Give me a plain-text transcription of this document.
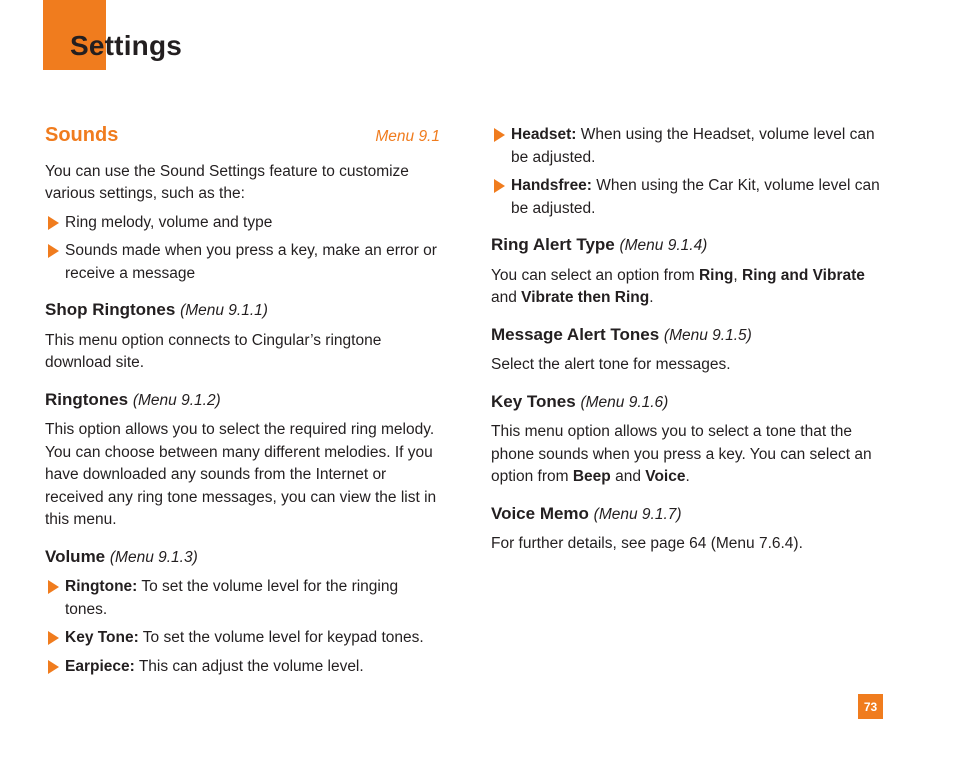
Settings
Sounds	Menu 9.1

You can use the Sound Settings feature to customize various settings, such as the:

Ring melody, volume and type
Sounds made when you press a key, make an error or receive a message
Shop Ringtones (Menu 9.1.1)

This menu option connects to Cingular’s ringtone download site.

Ringtones (Menu 9.1.2)

This option allows you to select the required ring melody. You can choose between many different melodies. If you have downloaded any sounds from the Internet or received any ring tone messages, you can view the list in this menu.

Volume (Menu 9.1.3)
Ringtone: To set the volume level for the ringing tones.
Key Tone: To set the volume level for keypad tones.
Earpiece: This can adjust the volume level.
Headset: When using the Headset, volume level can be adjusted.
Handsfree: When using the Car Kit, volume level can be adjusted.
Ring Alert Type (Menu 9.1.4)

You can select an option from Ring, Ring and Vibrate and Vibrate then Ring.

Message Alert Tones (Menu 9.1.5)

Select the alert tone for messages.

Key Tones (Menu 9.1.6)

This menu option allows you to select a tone that the phone sounds when you press a key. You can select an option from Beep and Voice.

Voice Memo (Menu 9.1.7)

For further details, see page 64 (Menu 7.6.4).

73
